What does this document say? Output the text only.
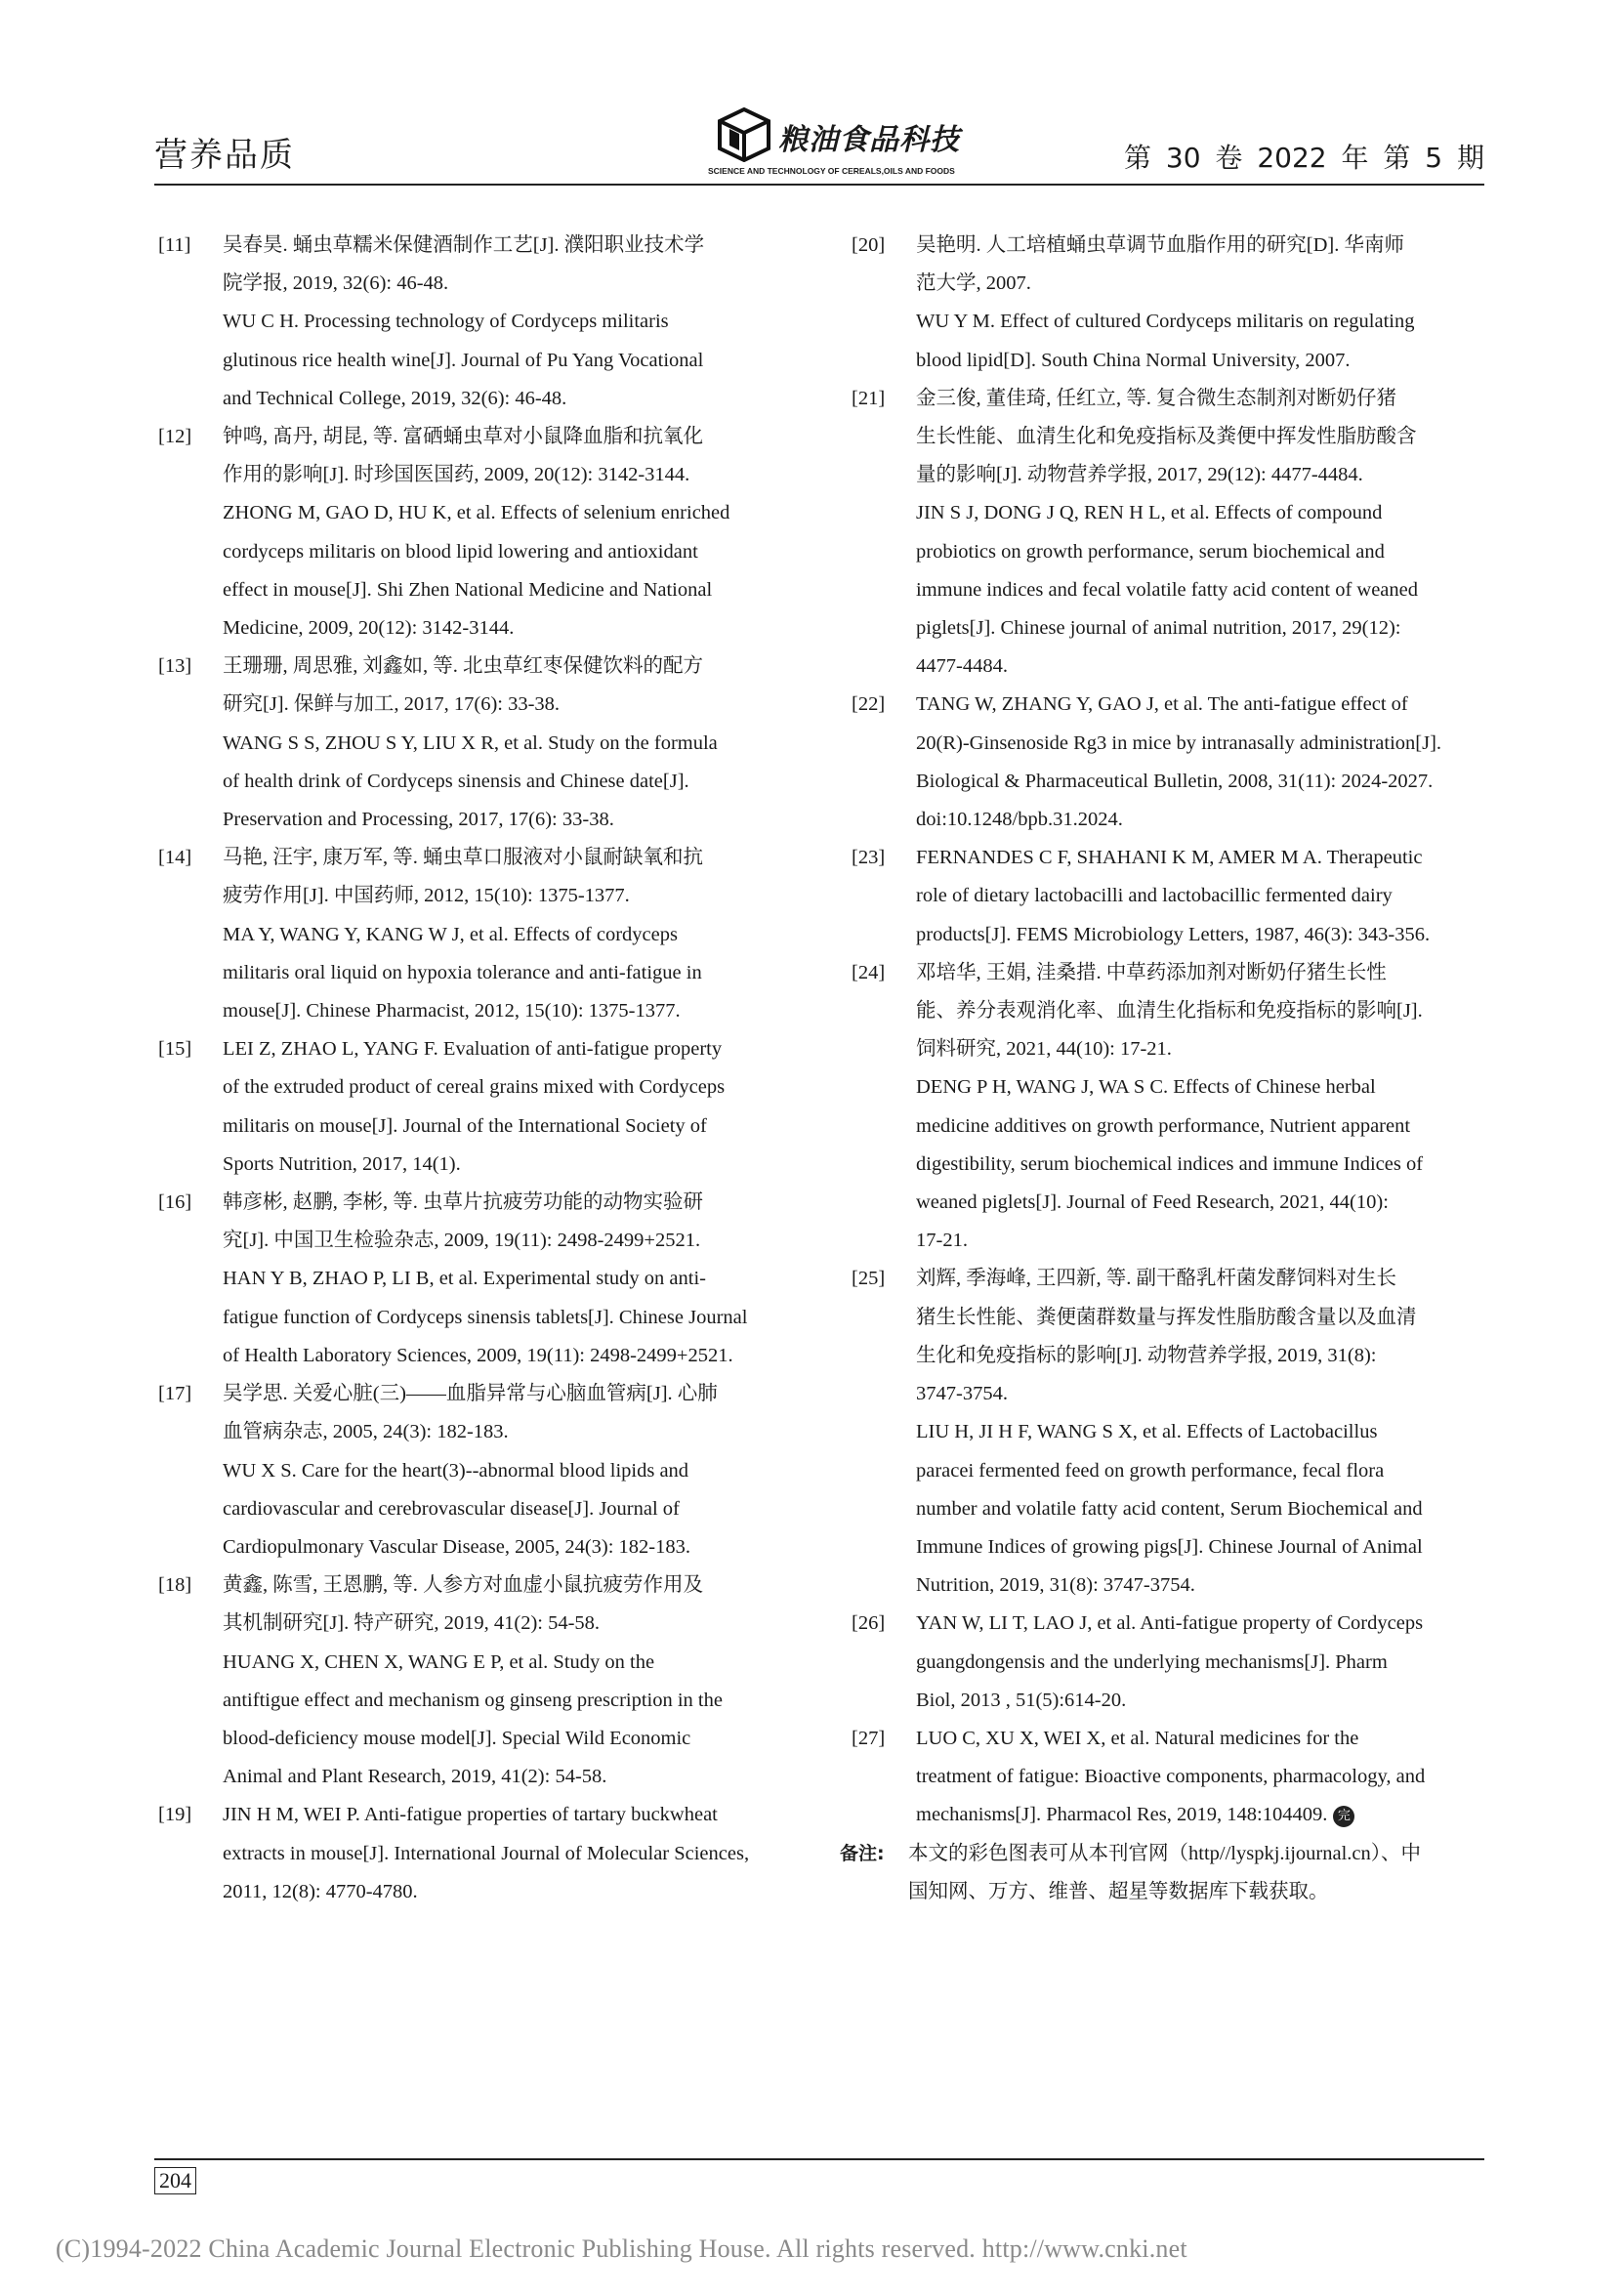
营养品质	粮油食品科技
SCIENCE AND TECHNOLOGY OF CEREALS,OILS AND FOODS	第 30 卷 2022 年 第 5 期
[11] 吴春昊. 蛹虫草糯米保健酒制作工艺[J]. 濮阳职业技术学
院学报, 2019, 32(6): 46-48.
WU C H. Processing technology of Cordyceps militaris
glutinous rice health wine[J]. Journal of Pu Yang Vocational
and Technical College, 2019, 32(6): 46-48.
[12] 钟鸣, 髙丹, 胡昆, 等. 富硒蛹虫草对小鼠降血脂和抗氧化
作用的影响[J]. 时珍国医国药, 2009, 20(12): 3142-3144.
ZHONG M, GAO D, HU K, et al. Effects of selenium enriched
cordyceps militaris on blood lipid lowering and antioxidant
effect in mouse[J]. Shi Zhen National Medicine and National
Medicine, 2009, 20(12): 3142-3144.
[13] 王珊珊, 周思雅, 刘鑫如, 等. 北虫草红枣保健饮料的配方
研究[J]. 保鲜与加工, 2017, 17(6): 33-38.
WANG S S, ZHOU S Y, LIU X R, et al. Study on the formula
of health drink of Cordyceps sinensis and Chinese date[J].
Preservation and Processing, 2017, 17(6): 33-38.
[14] 马艳, 汪宇, 康万军, 等. 蛹虫草口服液对小鼠耐缺氧和抗
疲劳作用[J]. 中国药师, 2012, 15(10): 1375-1377.
MA Y, WANG Y, KANG W J, et al. Effects of cordyceps
militaris oral liquid on hypoxia tolerance and anti-fatigue in
mouse[J]. Chinese Pharmacist, 2012, 15(10): 1375-1377.
[15] LEI Z, ZHAO L, YANG F. Evaluation of anti-fatigue property
of the extruded product of cereal grains mixed with Cordyceps
militaris on mouse[J]. Journal of the International Society of
Sports Nutrition, 2017, 14(1).
[16] 韩彦彬, 赵鹏, 李彬, 等. 虫草片抗疲劳功能的动物实验研
究[J]. 中国卫生检验杂志, 2009, 19(11): 2498-2499+2521.
HAN Y B, ZHAO P, LI B, et al. Experimental study on anti-
fatigue function of Cordyceps sinensis tablets[J]. Chinese Journal
of Health Laboratory Sciences, 2009, 19(11): 2498-2499+2521.
[17] 吴学思. 关爱心脏(三)——血脂异常与心脑血管病[J]. 心肺
血管病杂志, 2005, 24(3): 182-183.
WU X S. Care for the heart(3)--abnormal blood lipids and
cardiovascular and cerebrovascular disease[J]. Journal of
Cardiopulmonary Vascular Disease, 2005, 24(3): 182-183.
[18] 黄鑫, 陈雪, 王恩鹏, 等. 人参方对血虚小鼠抗疲劳作用及
其机制研究[J]. 特产研究, 2019, 41(2): 54-58.
HUANG X, CHEN X, WANG E P, et al. Study on the
antiftigue effect and mechanism og ginseng prescription in the
blood-deficiency mouse model[J]. Special Wild Economic
Animal and Plant Research, 2019, 41(2): 54-58.
[19] JIN H M, WEI P. Anti-fatigue properties of tartary buckwheat
extracts in mouse[J]. International Journal of Molecular Sciences,
2011, 12(8): 4770-4780.
[20] 吴艳明. 人工培植蛹虫草调节血脂作用的研究[D]. 华南师
范大学, 2007.
WU Y M. Effect of cultured Cordyceps militaris on regulating
blood lipid[D]. South China Normal University, 2007.
[21] 金三俊, 董佳琦, 任红立, 等. 复合微生态制剂对断奶仔猪
生长性能、血清生化和免疫指标及粪便中挥发性脂肪酸含
量的影响[J]. 动物营养学报, 2017, 29(12): 4477-4484.
JIN S J, DONG J Q, REN H L, et al. Effects of compound
probiotics on growth performance, serum biochemical and
immune indices and fecal volatile fatty acid content of weaned
piglets[J]. Chinese journal of animal nutrition, 2017, 29(12):
4477-4484.
[22] TANG W, ZHANG Y, GAO J, et al. The anti-fatigue effect of
20(R)-Ginsenoside Rg3 in mice by intranasally administration[J].
Biological & Pharmaceutical Bulletin, 2008, 31(11): 2024-2027.
doi:10.1248/bpb.31.2024.
[23] FERNANDES C F, SHAHANI K M, AMER M A. Therapeutic
role of dietary lactobacilli and lactobacillic fermented dairy
products[J]. FEMS Microbiology Letters, 1987, 46(3): 343-356.
[24] 邓培华, 王娟, 洼桑措. 中草药添加剂对断奶仔猪生长性
能、养分表观消化率、血清生化指标和免疫指标的影响[J].
饲料研究, 2021, 44(10): 17-21.
DENG P H, WANG J, WA S C. Effects of Chinese herbal
medicine additives on growth performance, Nutrient apparent
digestibility, serum biochemical indices and immune Indices of
weaned piglets[J]. Journal of Feed Research, 2021, 44(10):
17-21.
[25] 刘辉, 季海峰, 王四新, 等. 副干酪乳杆菌发酵饲料对生长
猪生长性能、粪便菌群数量与挥发性脂肪酸含量以及血清
生化和免疫指标的影响[J]. 动物营养学报, 2019, 31(8):
3747-3754.
LIU H, JI H F, WANG S X, et al. Effects of Lactobacillus
paracei fermented feed on growth performance, fecal flora
number and volatile fatty acid content, Serum Biochemical and
Immune Indices of growing pigs[J]. Chinese Journal of Animal
Nutrition, 2019, 31(8): 3747-3754.
[26] YAN W, LI T, LAO J, et al. Anti-fatigue property of Cordyceps
guangdongensis and the underlying mechanisms[J]. Pharm
Biol, 2013 , 51(5):614-20.
[27] LUO C, XU X, WEI X, et al. Natural medicines for the
treatment of fatigue: Bioactive components, pharmacology, and
mechanisms[J]. Pharmacol Res, 2019, 148:104409. 完
备注: 本文的彩色图表可从本刊官网（http//lyspkj.ijournal.cn）、中
国知网、万方、维普、超星等数据库下载获取。
204
(C)1994-2022 China Academic Journal Electronic Publishing House. All rights reserved. http://www.cnki.net
